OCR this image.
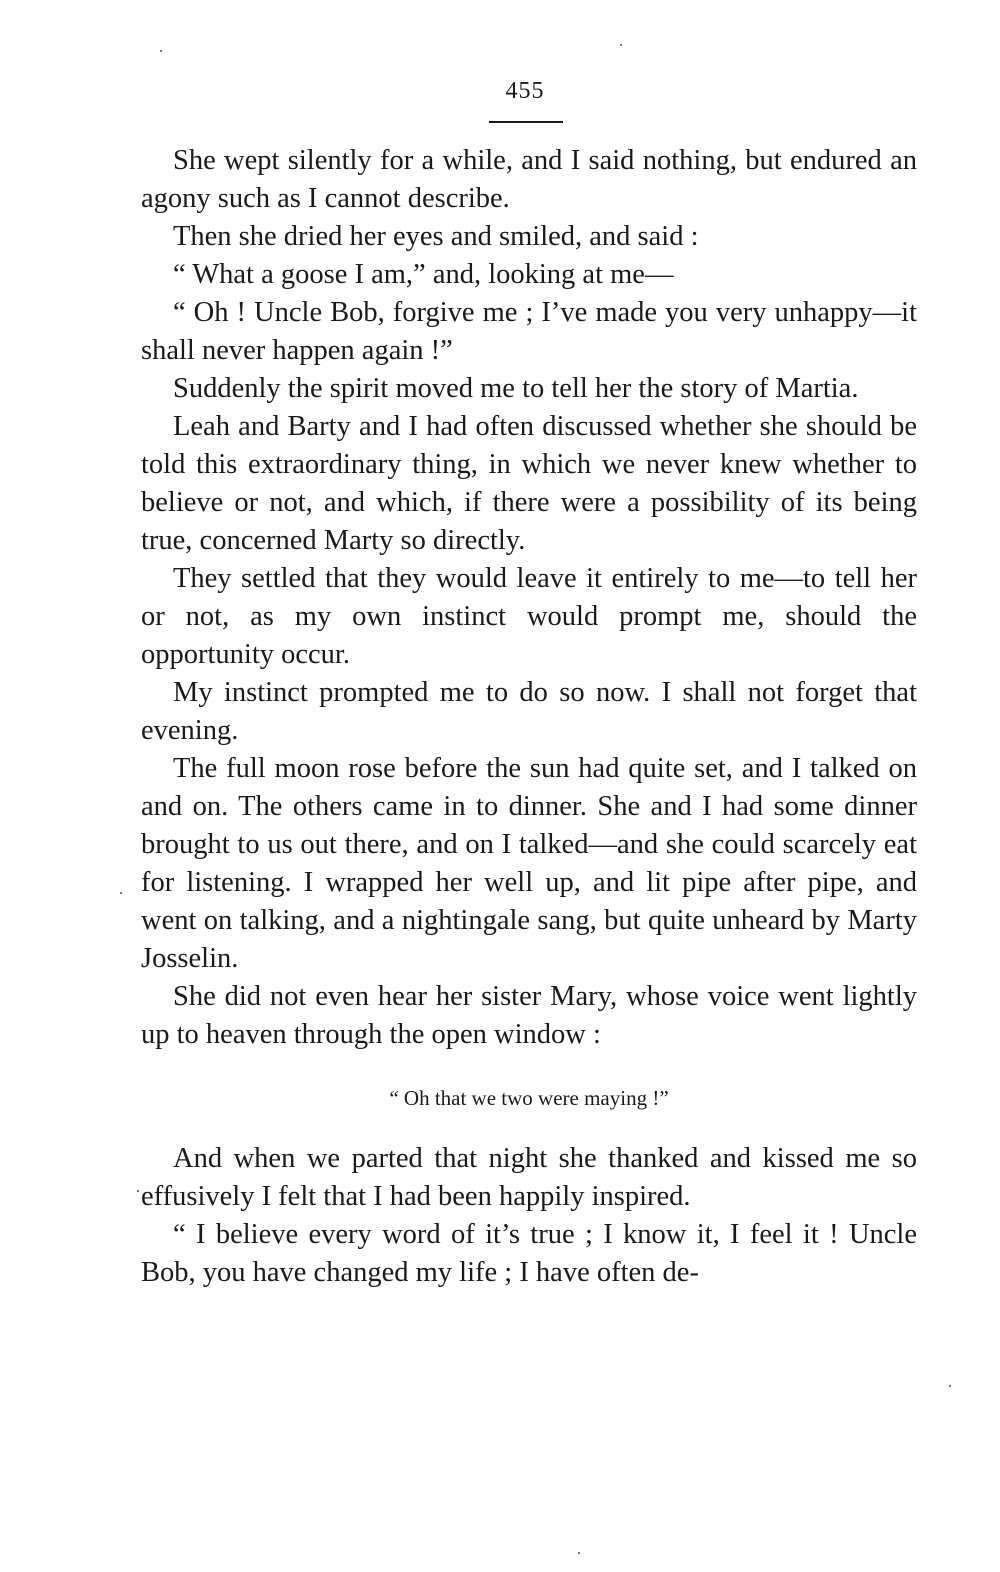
455

She wept silently for a while, and I said nothing, but endured an agony such as I cannot describe.

Then she dried her eyes and smiled, and said :

“ What a goose I am,” and, looking at me—

“ Oh ! Uncle Bob, forgive me ; I’ve made you very unhappy—it shall never happen again !”

Suddenly the spirit moved me to tell her the story of Martia.

Leah and Barty and I had often discussed whether she should be told this extraordinary thing, in which we never knew whether to believe or not, and which, if there were a possibility of its being true, concerned Marty so directly.

They settled that they would leave it entirely to me—to tell her or not, as my own instinct would prompt me, should the opportunity occur.

My instinct prompted me to do so now. I shall not forget that evening.

The full moon rose before the sun had quite set, and I talked on and on. The others came in to dinner. She and I had some dinner brought to us out there, and on I talked—and she could scarcely eat for listening. I wrapped her well up, and lit pipe after pipe, and went on talking, and a nightingale sang, but quite unheard by Marty Josselin.

She did not even hear her sister Mary, whose voice went lightly up to heaven through the open window :

“ Oh that we two were maying !”

And when we parted that night she thanked and kissed me so effusively I felt that I had been happily inspired.

“ I believe every word of it’s true ; I know it, I feel it ! Uncle Bob, you have changed my life ; I have often de-
